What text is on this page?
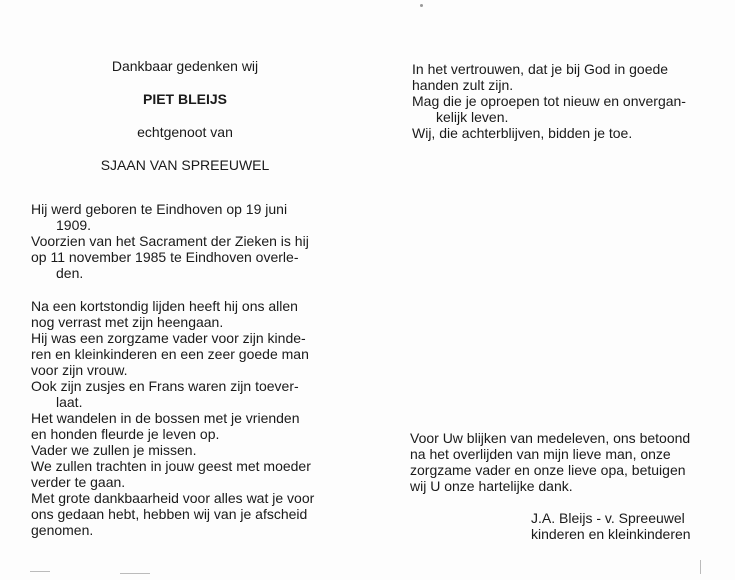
Dankbaar gedenken wij
PIET BLEIJS
echtgenoot van
SJAAN VAN SPREEUWEL
Hij werd geboren te Eindhoven op 19 juni
1909.
Voorzien van het Sacrament der Zieken is hij
op 11 november 1985 te Eindhoven overle-
den.
Na een kortstondig lijden heeft hij ons allen
nog verrast met zijn heengaan.
Hij was een zorgzame vader voor zijn kinde-
ren en kleinkinderen en een zeer goede man
voor zijn vrouw.
Ook zijn zusjes en Frans waren zijn toever-
laat.
Het wandelen in de bossen met je vrienden
en honden fleurde je leven op.
Vader we zullen je missen.
We zullen trachten in jouw geest met moeder
verder te gaan.
Met grote dankbaarheid voor alles wat je voor
ons gedaan hebt, hebben wij van je afscheid
genomen.
In het vertrouwen, dat je bij God in goede
handen zult zijn.
Mag die je oproepen tot nieuw en onvergan-
kelijk leven.
Wij, die achterblijven, bidden je toe.
Voor Uw blijken van medeleven, ons betoond
na het overlijden van mijn lieve man, onze
zorgzame vader en onze lieve opa, betuigen
wij U onze hartelijke dank.
J.A. Bleijs - v. Spreeuwel
kinderen en kleinkinderen
